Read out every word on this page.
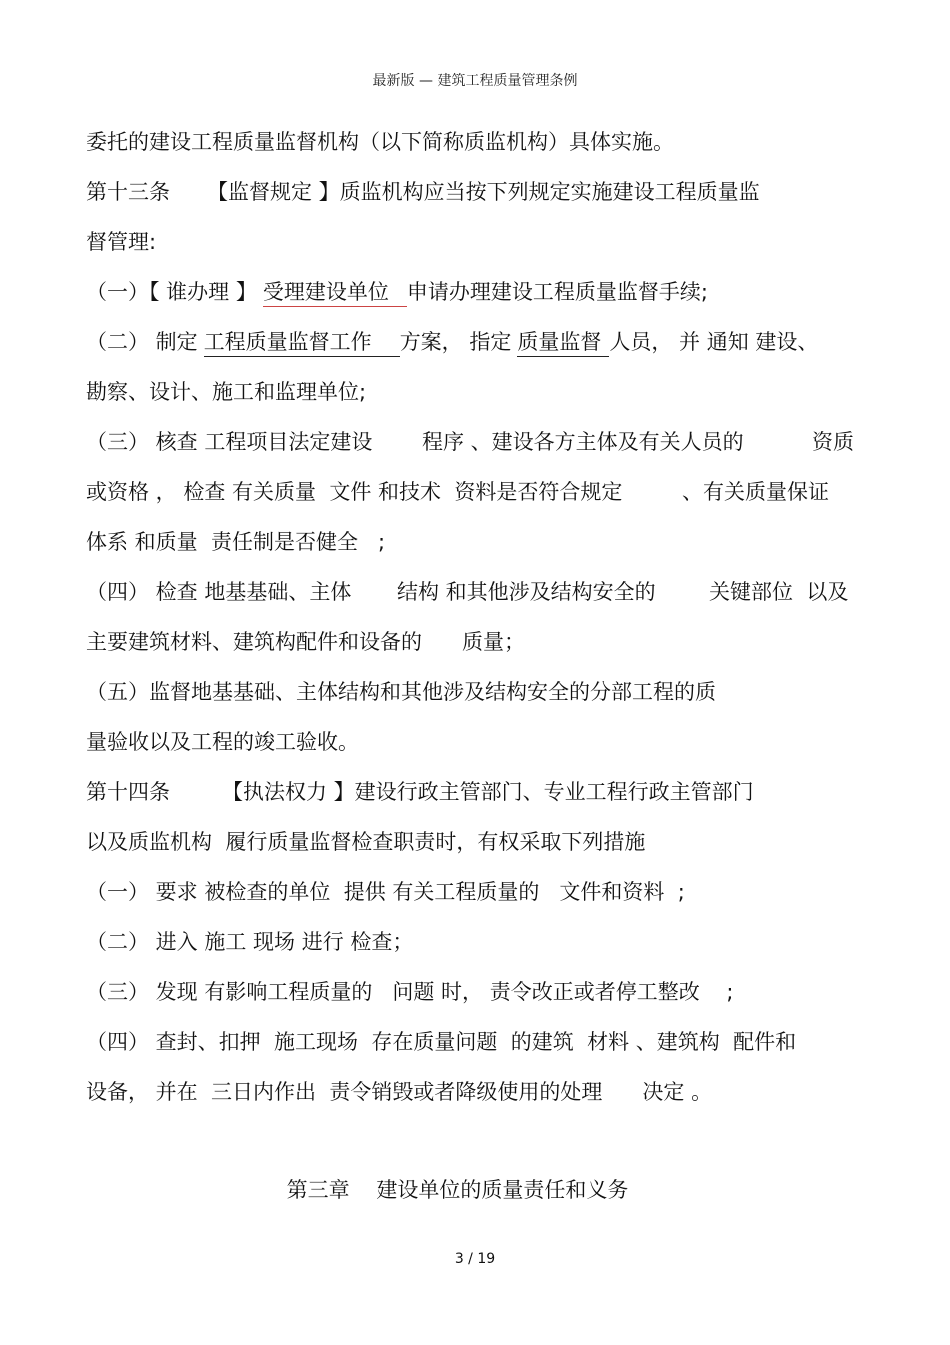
最新版 — 建筑工程质量管理条例
委托的建设工程质量监督机构（以下简称质监机构）具体实施。
第十三条 【监督规定 】质监机构应当按下列规定实施建设工程质量监
督管理:
（一）【 谁办理 】 受理建设单位 申请办理建设工程质量监督手续;
（二） 制定 工程质量监督工作 方案， 指定 质量监督 人员， 并 通知 建设、
勘察、设计、施工和监理单位;
（三） 核查 工程项目法定建设 程序 、建设各方主体及有关人员的	资质
或资格 ， 检查 有关质量  文件 和技术  资料是否符合规定	、有关质量保证
体系 和质量  责任制是否健全   ;
（四） 检查 地基基础、主体 结构 和其他涉及结构安全的	关键部位  以及
主要建筑材料、建筑构配件和设备的      质量；
（五）监督地基基础、主体结构和其他涉及结构安全的分部工程的质
量验收以及工程的竣工验收。
第十四条 【执法权力 】建设行政主管部门、专业工程行政主管部门
以及质监机构  履行质量监督检查职责时，有权采取下列措施
（一） 要求 被检查的单位  提供 有关工程质量的   文件和资料  ;
（二） 进入 施工 现场 进行 检查；
（三） 发现 有影响工程质量的   问题 时， 责令改正或者停工整改    ;
（四） 查封、扣押  施工现场  存在质量问题  的建筑  材料 、建筑构  配件和
设备， 并在  三日内作出  责令销毁或者降级使用的处理      决定 。
第三章    建设单位的质量责任和义务
3 / 19
